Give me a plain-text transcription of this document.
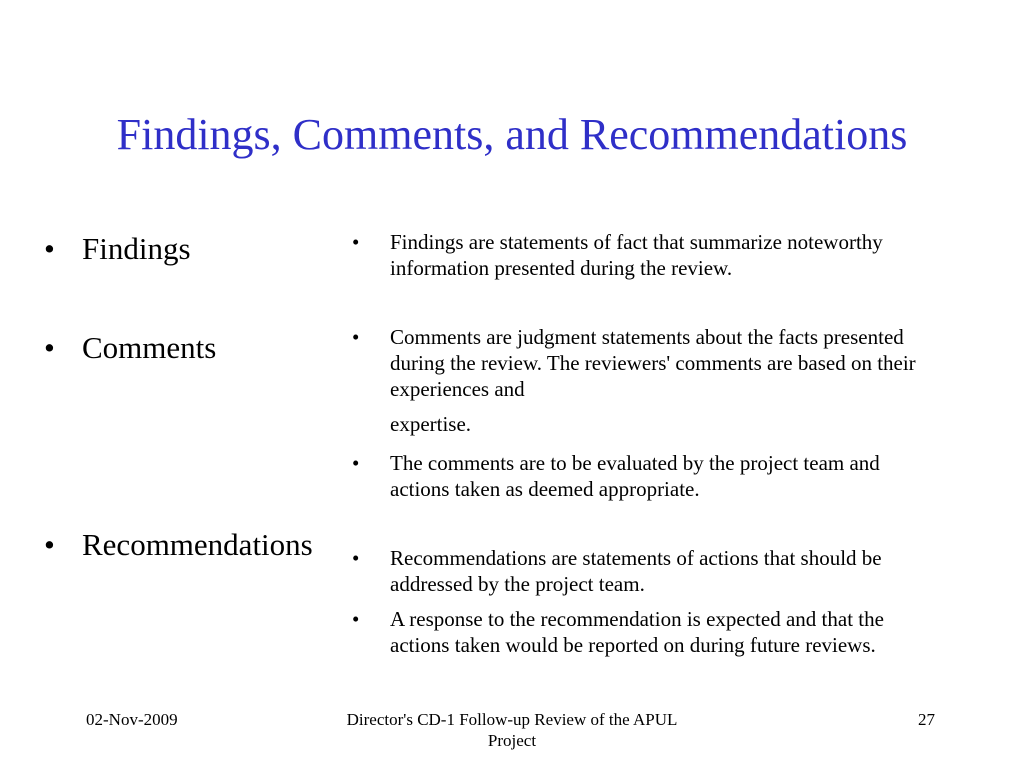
Findings, Comments, and Recommendations
• Findings
• Comments
• Recommendations
• Findings are statements of fact that summarize noteworthy information presented during the review.
• Comments are judgment statements about the facts presented during the review. The reviewers' comments are based on their experiences and
expertise.
• The comments are to be evaluated by the project team and actions taken as deemed appropriate.
• Recommendations are statements of actions that should be addressed by the project team.
• A response to the recommendation is expected and that the actions taken would be reported on during future reviews.
02-Nov-2009	Director's CD-1 Follow-up Review of the APUL Project
27
